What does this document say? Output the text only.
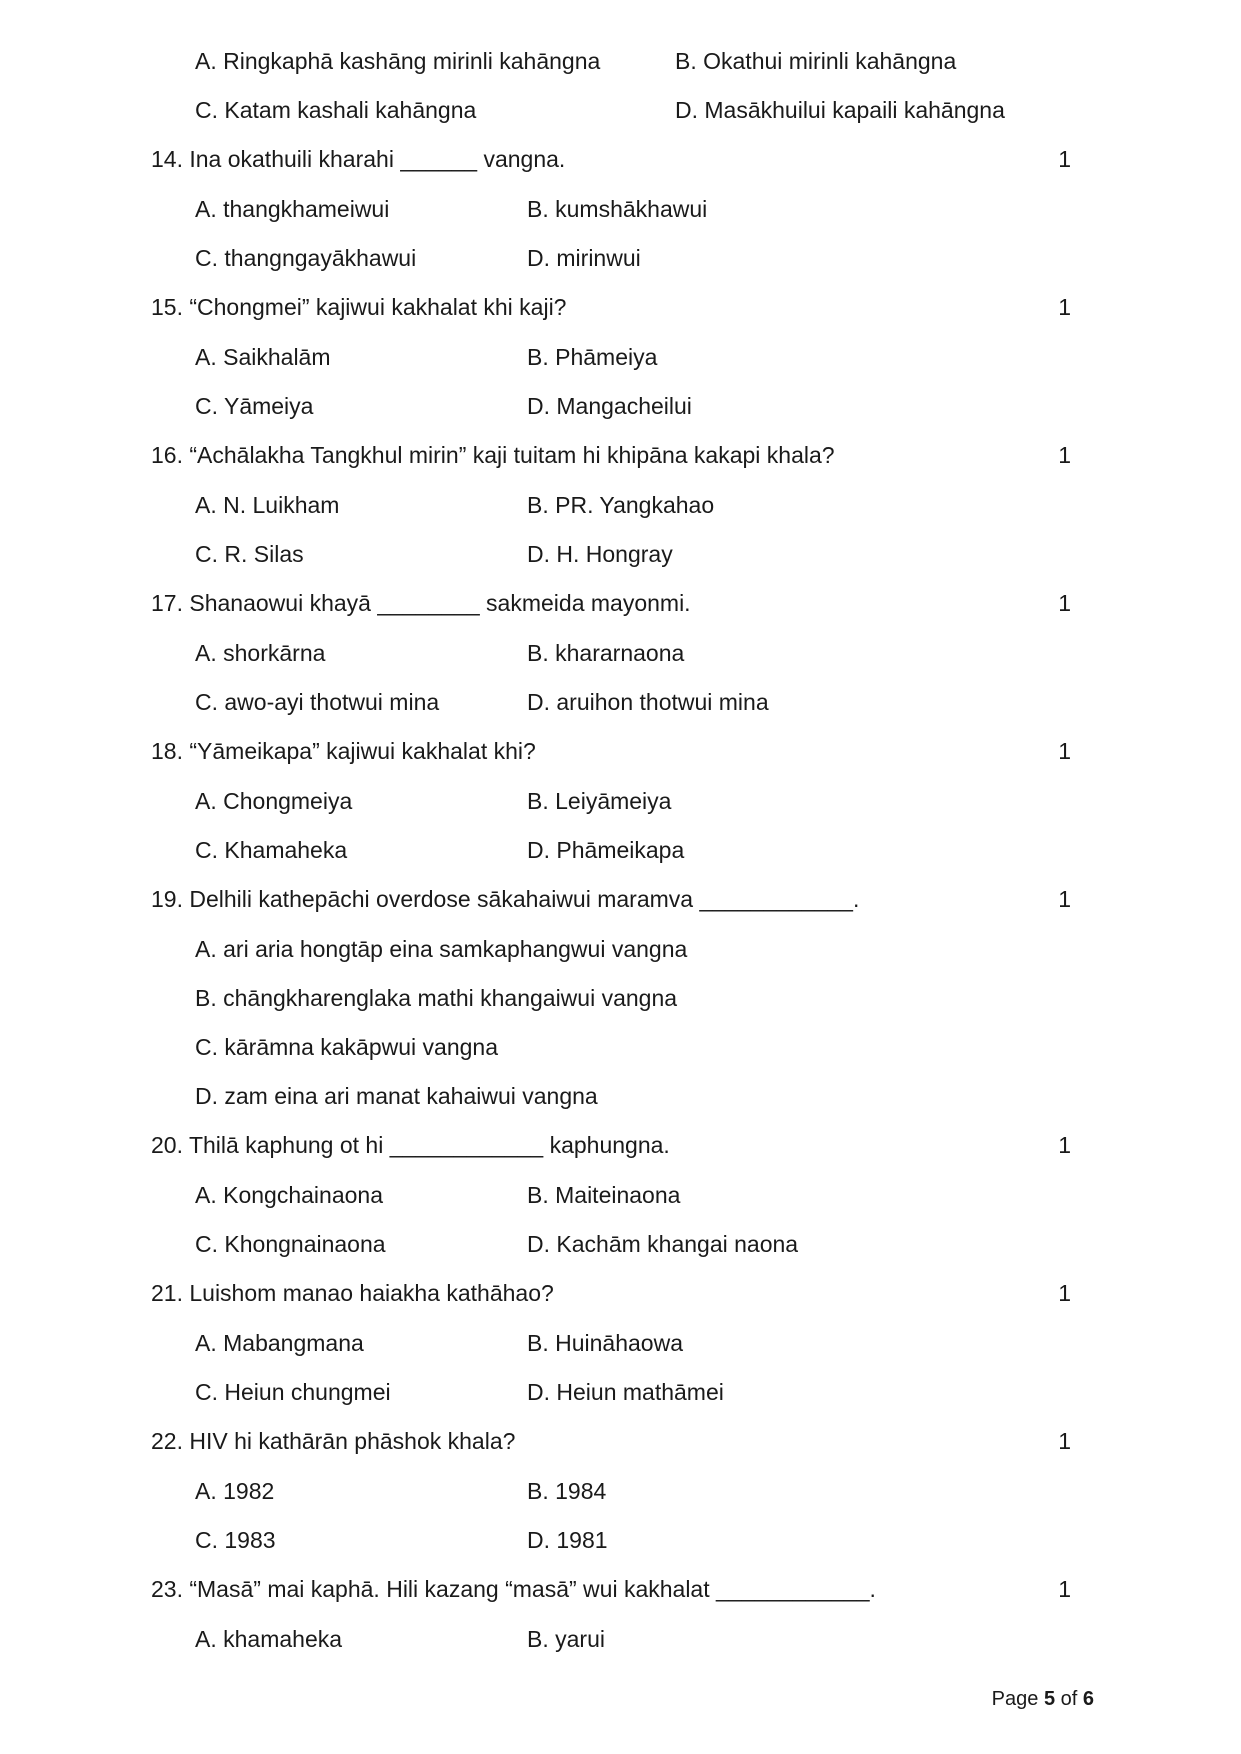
A. Ringkaphā kashāng mirinli kahāngna	B. Okathui mirinli kahāngna
C. Katam kashali kahāngna	D. Masākhuilui kapaili kahāngna
14. Ina okathuili kharahi ______ vangna.	1
A. thangkhameiwui	B. kumshākhawui
C. thangngayākhawui	D. mirinwui
15. “Chongmei” kajiwui kakhalat khi kaji?	1
A. Saikhalām	B. Phāmeiya
C. Yāmeiya	D. Mangacheilui
16. “Achālakha Tangkhul mirin” kaji tuitam hi khipāna kakapi khala?	1
A. N. Luikham	B. PR. Yangkahao
C. R. Silas	D. H. Hongray
17. Shanaowui khayā ________ sakmeida mayonmi.	1
A. shorkārna	B. khararnaona
C. awo-ayi thotwui mina	D. aruihon thotwui mina
18. “Yāmeikapa” kajiwui kakhalat khi?	1
A. Chongmeiya	B. Leiyāmeiya
C. Khamaheka	D. Phāmeikapa
19. Delhili kathepāchi overdose sākahaiwui maramva ____________.	1
A. ari aria hongtāp eina samkaphangwui vangna
B. chāngkharenglaka mathi khangaiwui vangna
C. kārāmna kakāpwui vangna
D. zam eina ari manat kahaiwui vangna
20. Thilā kaphung ot hi ____________ kaphungna.	1
A. Kongchainaona	B. Maiteinaona
C. Khongnainaona	D. Kachām khangai naona
21. Luishom manao haiakha kathāhao?	1
A. Mabangmana	B. Huināhaowa
C. Heiun chungmei	D. Heiun mathāmei
22. HIV hi kathārān phāshok khala?	1
A. 1982	B. 1984
C. 1983	D. 1981
23. “Masā” mai kaphā. Hili kazang “masā” wui kakhalat ____________.	1
A. khamaheka	B. yarui
Page 5 of 6
